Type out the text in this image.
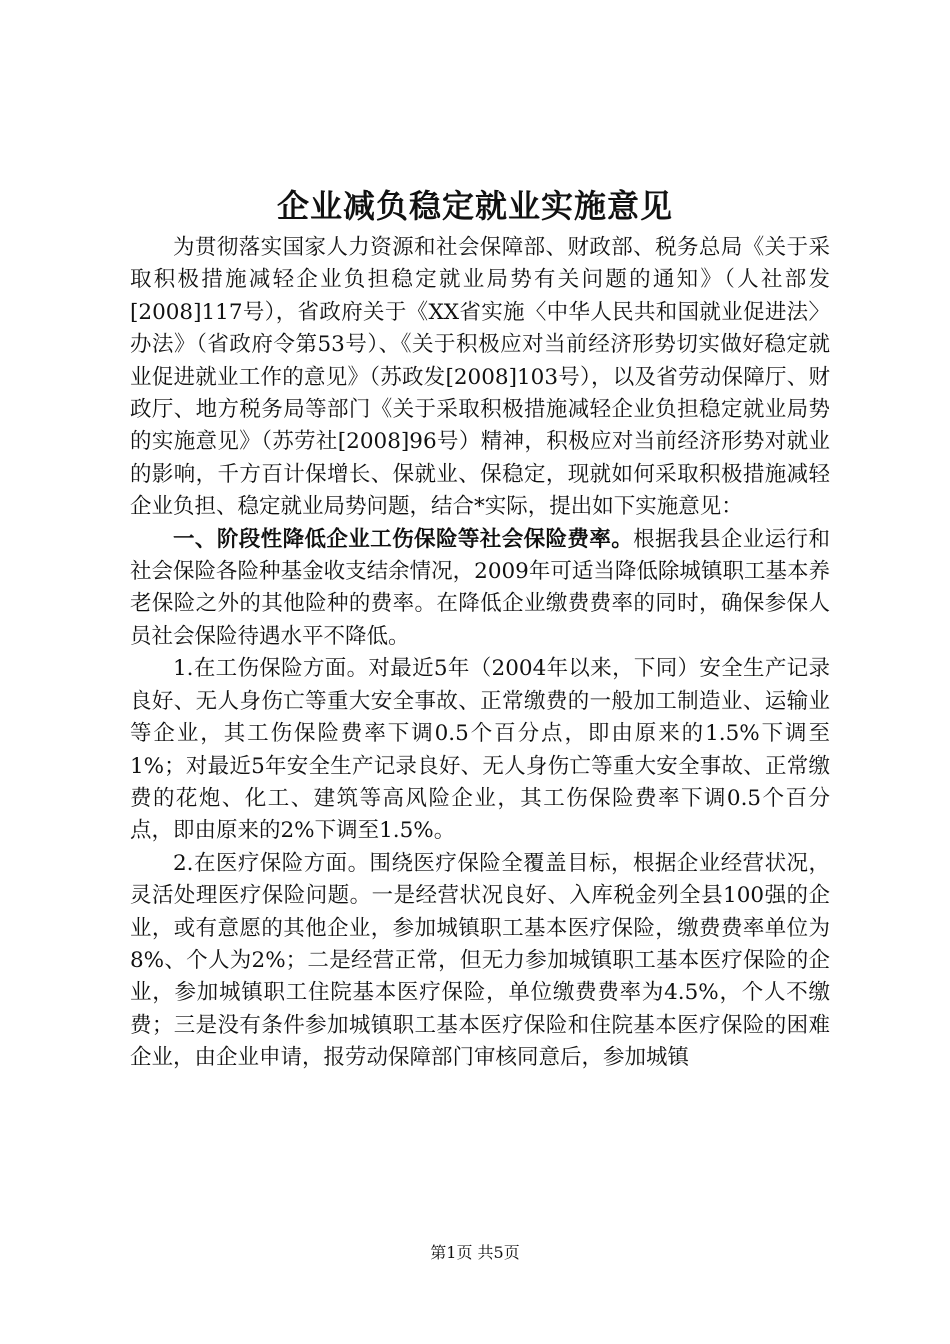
企业减负稳定就业实施意见

为贯彻落实国家人力资源和社会保障部、财政部、税务总局《关于采取积极措施减轻企业负担稳定就业局势有关问题的通知》（人社部发[2008]117号），省政府关于《XX省实施〈中华人民共和国就业促进法〉办法》（省政府令第53号）、《关于积极应对当前经济形势切实做好稳定就业促进就业工作的意见》（苏政发[2008]103号），以及省劳动保障厅、财政厅、地方税务局等部门《关于采取积极措施减轻企业负担稳定就业局势的实施意见》（苏劳社[2008]96号）精神，积极应对当前经济形势对就业的影响，千方百计保增长、保就业、保稳定，现就如何采取积极措施减轻企业负担、稳定就业局势问题，结合*实际，提出如下实施意见：

一、阶段性降低企业工伤保险等社会保险费率。根据我县企业运行和社会保险各险种基金收支结余情况，2009年可适当降低除城镇职工基本养老保险之外的其他险种的费率。在降低企业缴费费率的同时，确保参保人员社会保险待遇水平不降低。

1.在工伤保险方面。对最近5年（2004年以来，下同）安全生产记录良好、无人身伤亡等重大安全事故、正常缴费的一般加工制造业、运输业等企业，其工伤保险费率下调0.5个百分点，即由原来的1.5%下调至1%；对最近5年安全生产记录良好、无人身伤亡等重大安全事故、正常缴费的花炮、化工、建筑等高风险企业，其工伤保险费率下调0.5个百分点，即由原来的2%下调至1.5%。

2.在医疗保险方面。围绕医疗保险全覆盖目标，根据企业经营状况，灵活处理医疗保险问题。一是经营状况良好、入库税金列全县100强的企业，或有意愿的其他企业，参加城镇职工基本医疗保险，缴费费率单位为8%、个人为2%；二是经营正常，但无力参加城镇职工基本医疗保险的企业，参加城镇职工住院基本医疗保险，单位缴费费率为4.5%，个人不缴费；三是没有条件参加城镇职工基本医疗保险和住院基本医疗保险的困难企业，由企业申请，报劳动保障部门审核同意后，参加城镇

第1页 共5页
